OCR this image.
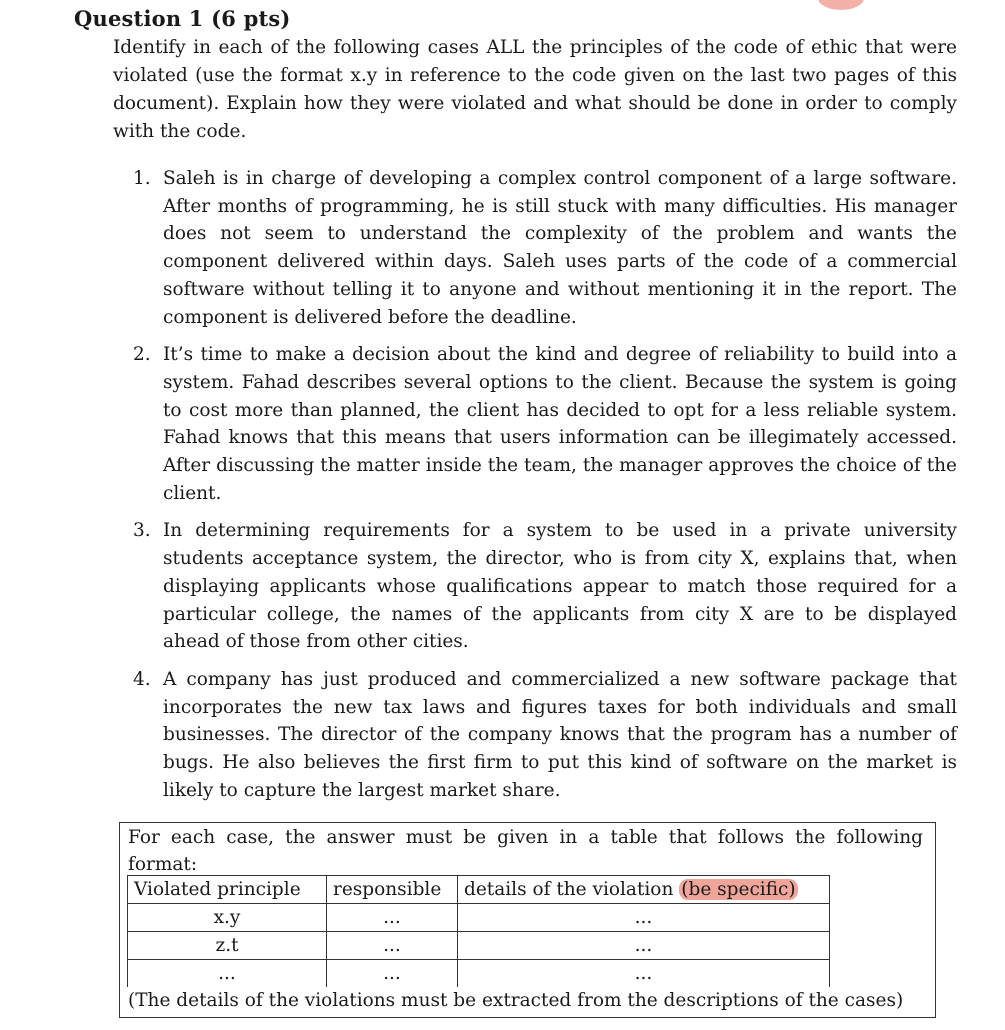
Question 1 (6 pts)
Identify in each of the following cases ALL the principles of the code of ethic that were violated (use the format x.y in reference to the code given on the last two pages of this document). Explain how they were violated and what should be done in order to comply with the code.
1. Saleh is in charge of developing a complex control component of a large software. After months of programming, he is still stuck with many difficulties. His manager does not seem to understand the complexity of the problem and wants the component delivered within days. Saleh uses parts of the code of a commercial software without telling it to anyone and without mentioning it in the report. The component is delivered before the deadline.
2. It’s time to make a decision about the kind and degree of reliability to build into a system. Fahad describes several options to the client. Because the system is going to cost more than planned, the client has decided to opt for a less reliable system. Fahad knows that this means that users information can be illegimately accessed. After discussing the matter inside the team, the manager approves the choice of the client.
3. In determining requirements for a system to be used in a private university students acceptance system, the director, who is from city X, explains that, when displaying applicants whose qualifications appear to match those required for a particular college, the names of the applicants from city X are to be displayed ahead of those from other cities.
4. A company has just produced and commercialized a new software package that incorporates the new tax laws and figures taxes for both individuals and small businesses. The director of the company knows that the program has a number of bugs. He also believes the first firm to put this kind of software on the market is likely to capture the largest market share.
For each case, the answer must be given in a table that follows the following format:
Violated principle	responsible	details of the violation (be specific)
x.y	...	...
z.t	...	...
...	...	...
(The details of the violations must be extracted from the descriptions of the cases)
